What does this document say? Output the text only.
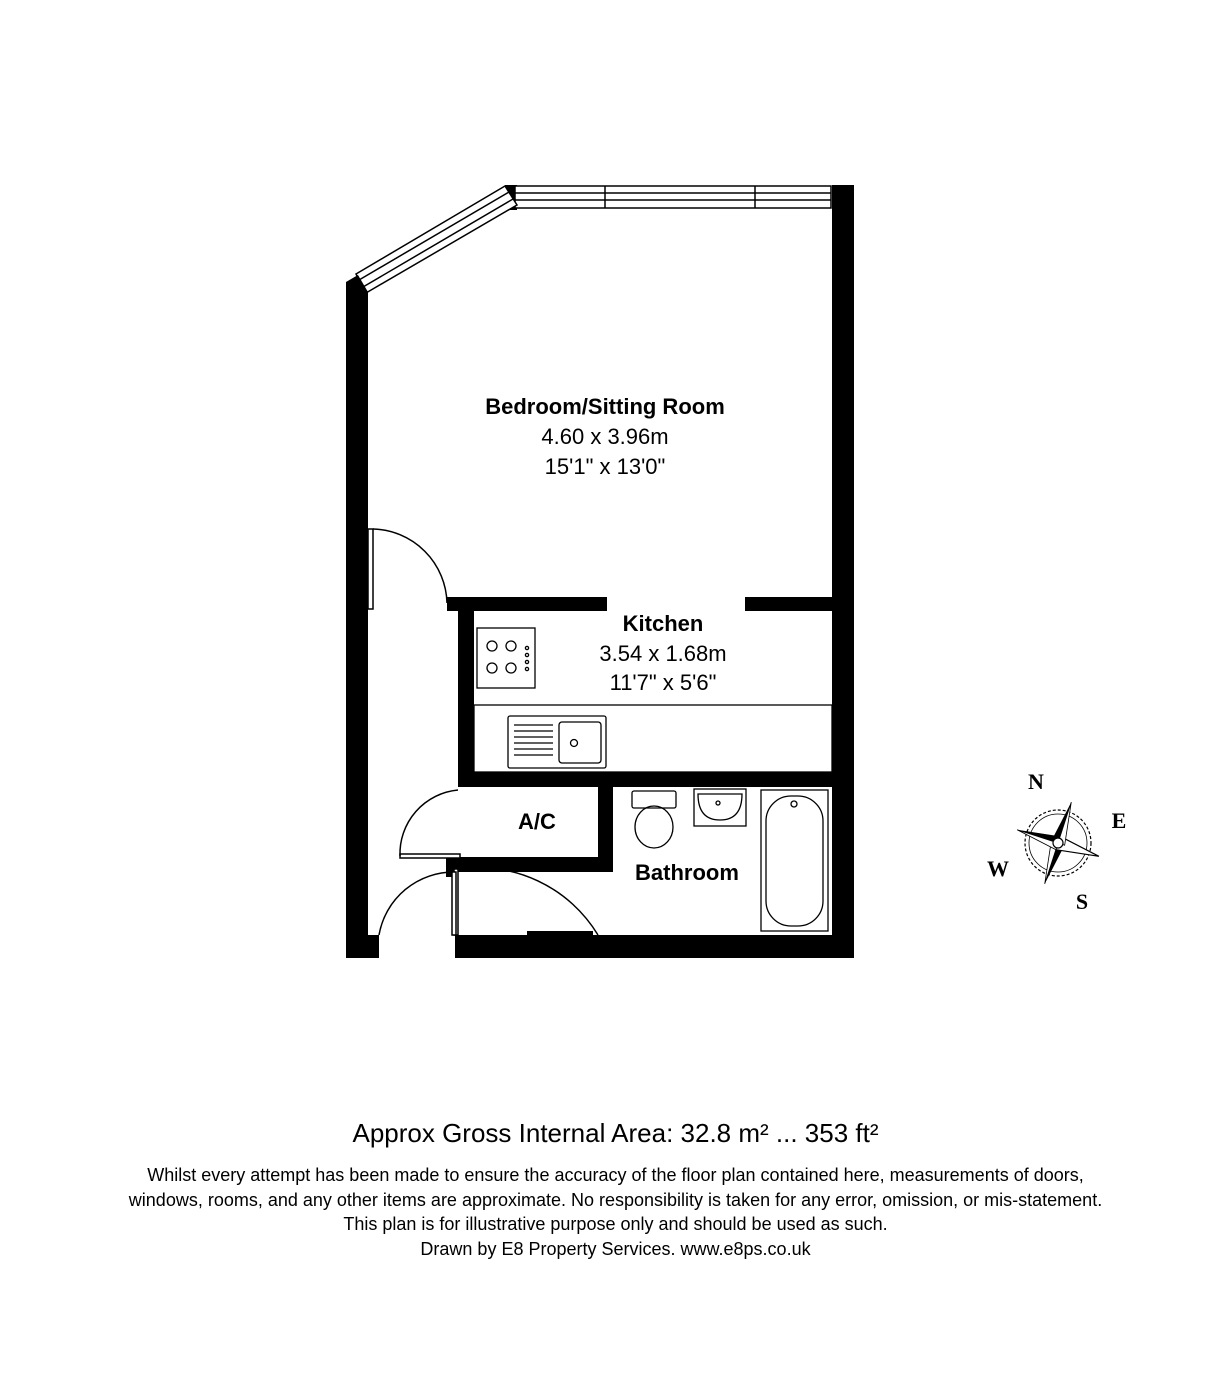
Bedroom/Sitting Room
4.60 x 3.96m
15'1" x 13'0"
Kitchen
3.54 x 1.68m
11'7" x 5'6"
A/C
Bathroom
N
E
S
W
Approx Gross Internal Area: 32.8 m² ... 353 ft²
Whilst every attempt has been made to ensure the accuracy of the floor plan contained here, measurements of doors,
windows, rooms, and any other items are approximate. No responsibility is taken for any error, omission, or mis-statement.
This plan is for illustrative purpose only and should be used as such.
Drawn by E8 Property Services. www.e8ps.co.uk
